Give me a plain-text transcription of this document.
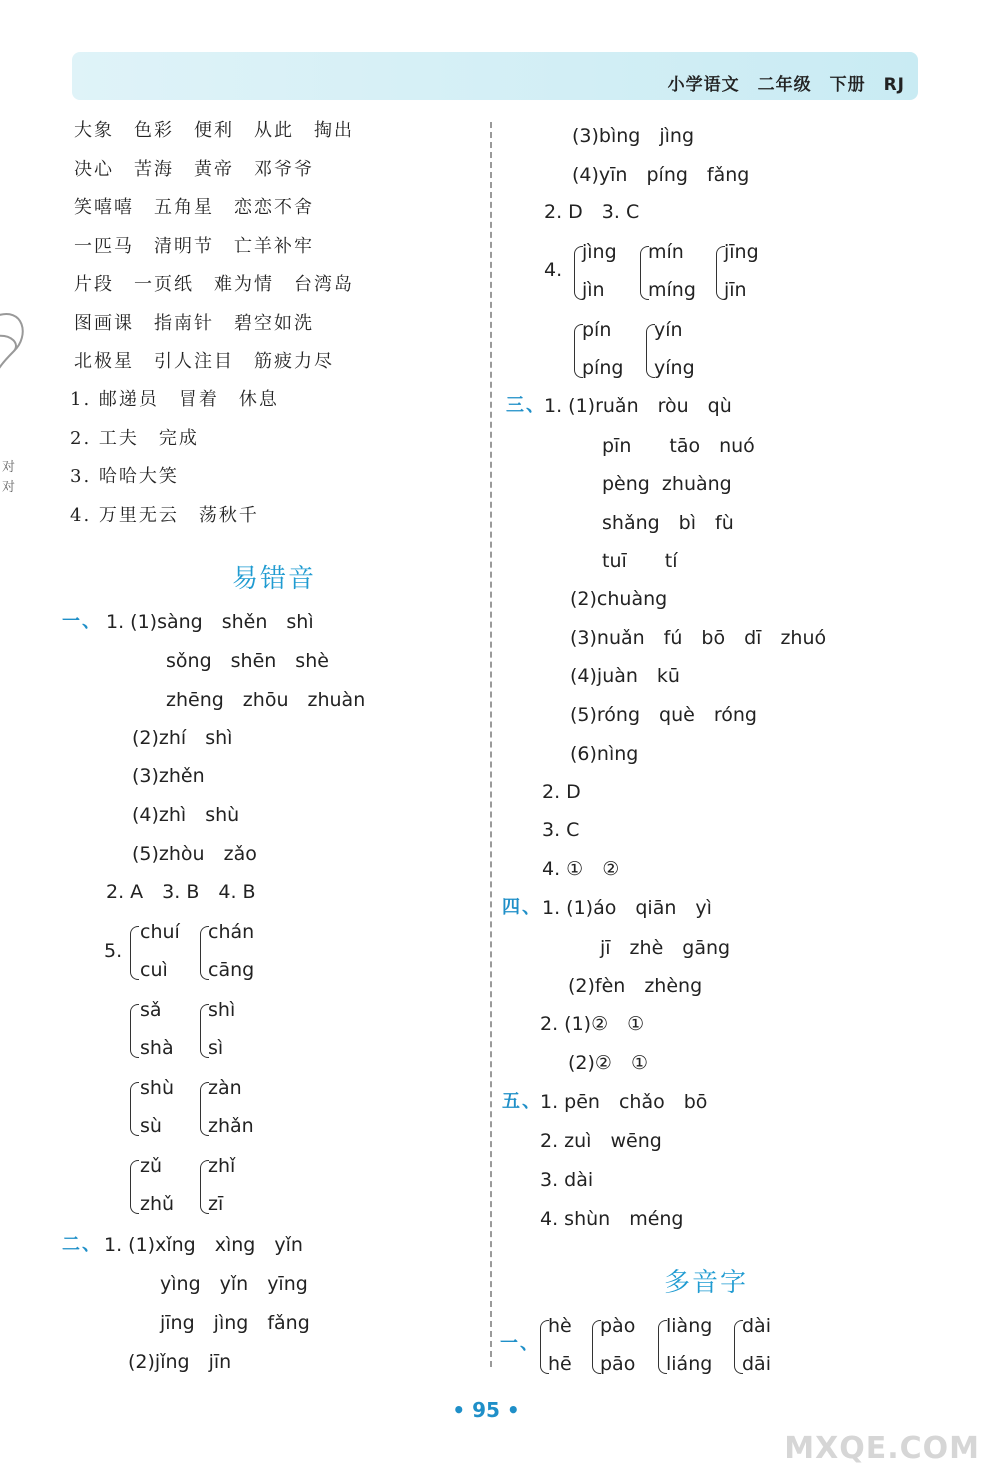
小学语文 二年级 下册 RJ
对
对
大象　色彩　便利　从此　掏出
决心　苦海　黄帝　邓爷爷
笑嘻嘻　五角星　恋恋不舍
一匹马　清明节　亡羊补牢
片段　一页纸　难为情　台湾岛
图画课　指南针　碧空如洗
北极星　引人注目　筋疲力尽
1. 邮递员　冒着　休息
2. 工夫　完成
3. 哈哈大笑
4. 万里无云　荡秋千
易错音
一、 1. (1)sàng　shěn　shì
sǒng　shēn　shè
zhēng　zhōu　zhuàn
(2)zhí　shì
(3)zhěn
(4)zhì　shù
(5)zhòu　zǎo
2. A　3. B　4. B
5.
chuí
cuì
chán
cāng
sǎ
shà
shì
sì
shù
sù
zàn
zhǎn
zǔ
zhǔ
zhǐ
zī
二、 1. (1)xǐng　xìng　yǐn
yìng　yǐn　yīng
jīng　jìng　fǎng
(2)jǐng　jīn
(3)bìng　jìng
(4)yīn　píng　fǎng
2. D　3. C
4.
jìng
jìn
mín
míng
jīng
jīn
pín
píng
yín
yíng
三、
1. (1)ruǎn　ròu　qù
pīn　　tāo　nuó
pèng  zhuàng
shǎng　bì　fù
tuī　　tí
(2)chuàng
(3)nuǎn　fú　bō　dī　zhuó
(4)juàn　kū
(5)róng　què　róng
(6)nìng
2. D
3. C
4. ①　②
四、 1. (1)áo　qiān　yì
jī　zhè　gāng
(2)fèn　zhèng
2. (1)②　①
(2)②　①
五、
1. pēn　chǎo　bō
2. zuì　wēng
3. dài
4. shùn　méng
多音字
一、
hè
hē
pào
pāo
liàng
liáng
dài
dāi
• 95 •
MXQE.COM
